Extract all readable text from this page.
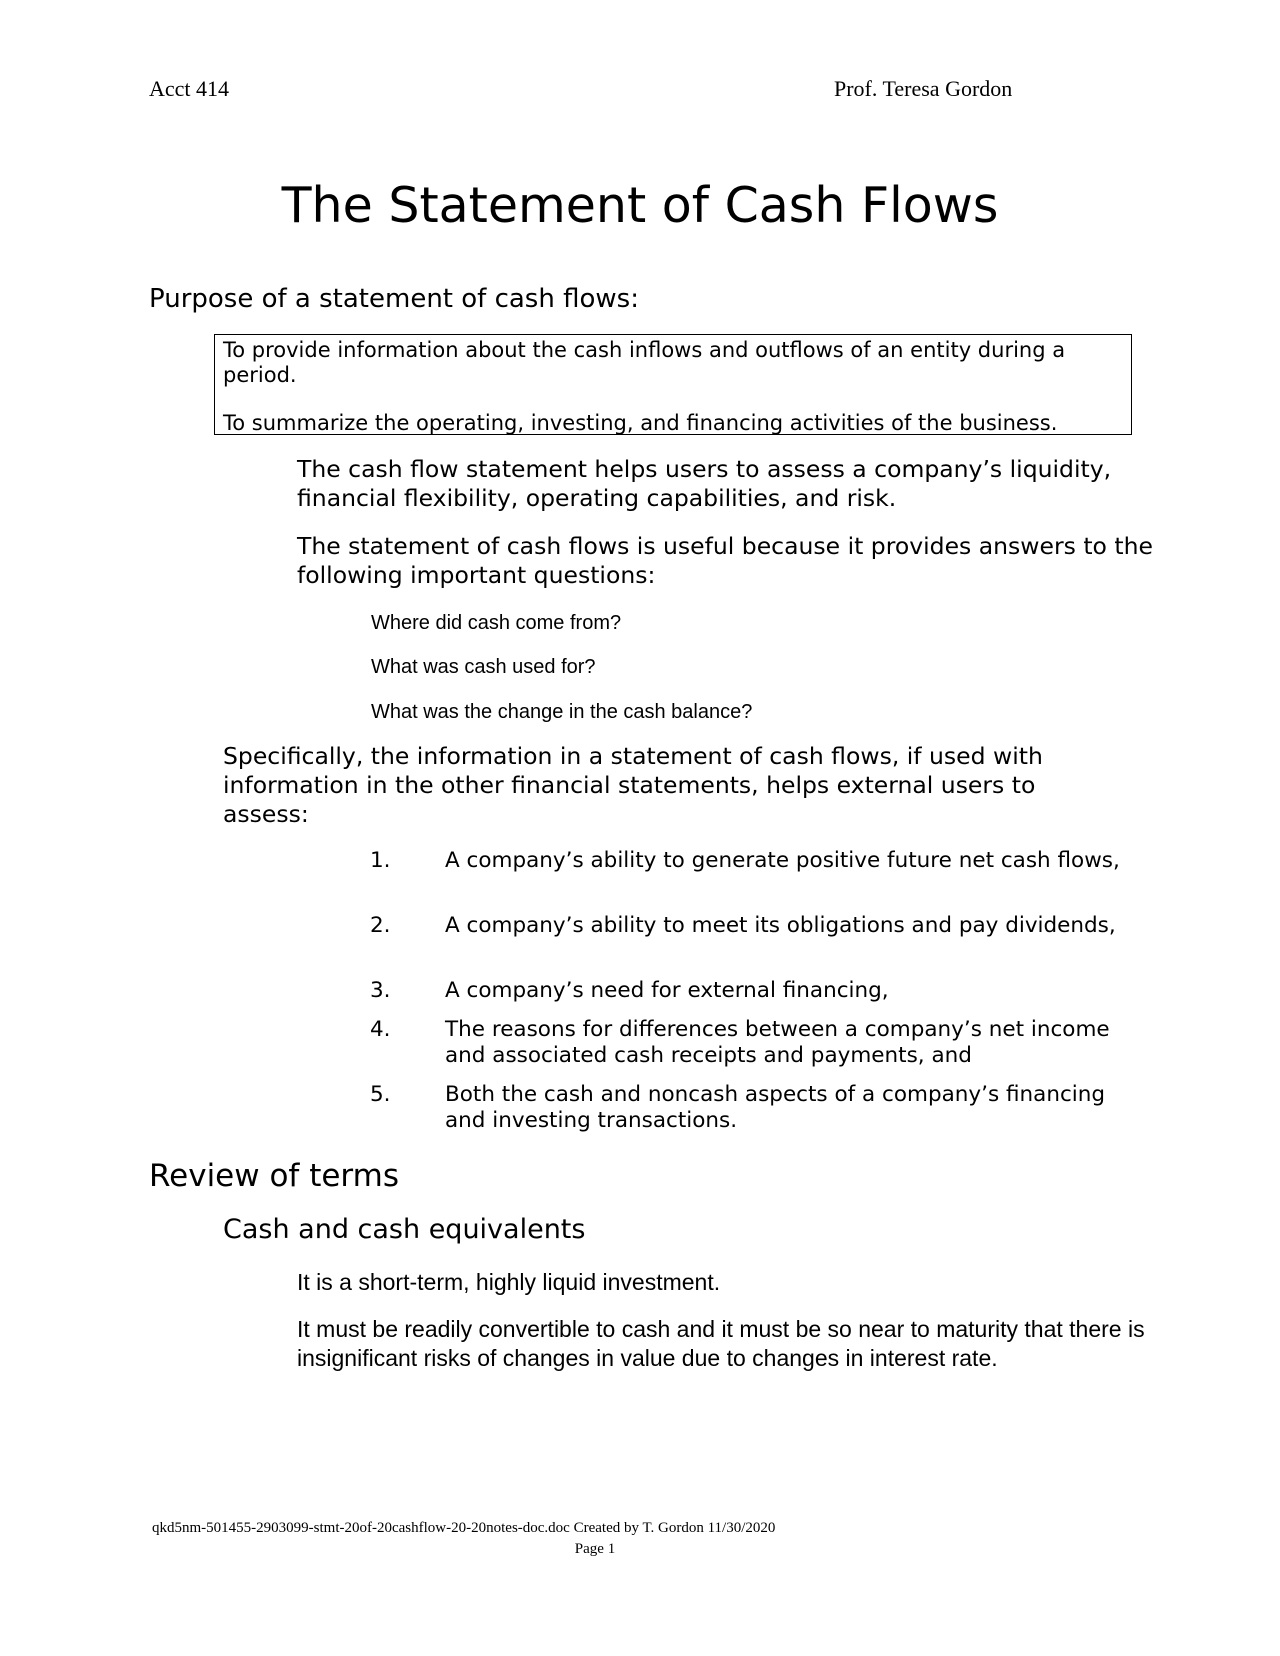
Acct 414	Prof. Teresa Gordon
The Statement of Cash Flows
Purpose of a statement of cash flows:
To provide information about the cash inflows and outflows of an entity during a period.
To summarize the operating, investing, and financing activities of the business.

The cash flow statement helps users to assess a company’s liquidity, financial flexibility, operating capabilities, and risk.

The statement of cash flows is useful because it provides answers to the following important questions:

Where did cash come from?
What was cash used for?
What was the change in the cash balance?

Specifically, the information in a statement of cash flows, if used with information in the other financial statements, helps external users to assess:

1.	A company’s ability to generate positive future net cash flows,
2.	A company’s ability to meet its obligations and pay dividends,
3.	A company’s need for external financing,
4.	The reasons for differences between a company’s net income and associated cash receipts and payments, and
5.	Both the cash and noncash aspects of a company’s financing and investing transactions.
Review of terms
Cash and cash equivalents

It is a short-term, highly liquid investment.

It must be readily convertible to cash and it must be so near to maturity that there is insignificant risks of changes in value due to changes in interest rate.

qkd5nm-501455-2903099-stmt-20of-20cashflow-20-20notes-doc.doc Created by T. Gordon 11/30/2020
Page 1
